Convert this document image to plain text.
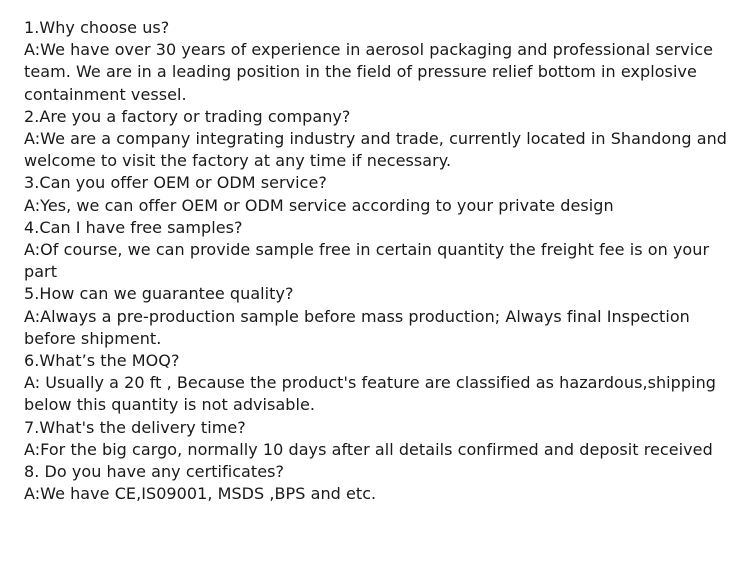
1.Why choose us?

A:We have over 30 years of experience in aerosol packaging and professional service team. We are in a leading position in the field of pressure relief bottom in explosive containment vessel.

2.Are you a factory or trading company?

A:We are a company integrating industry and trade, currently located in Shandong and welcome to visit the factory at any time if necessary.

3.Can you offer OEM or ODM service?

A:Yes, we can offer OEM or ODM service according to your private design

4.Can I have free samples?

A:Of course, we can provide sample free in certain quantity the freight fee is on your part

5.How can we guarantee quality?

A:Always a pre-production sample before mass production; Always final Inspection before shipment.

6.What’s the MOQ?

A: Usually a 20 ft , Because the product's feature are classified as hazardous,shipping below this quantity is not advisable.

7.What's the delivery time?

A:For the big cargo, normally 10 days after all details confirmed and deposit received

8. Do you have any certificates?

A:We have CE,IS09001, MSDS ,BPS and etc.
